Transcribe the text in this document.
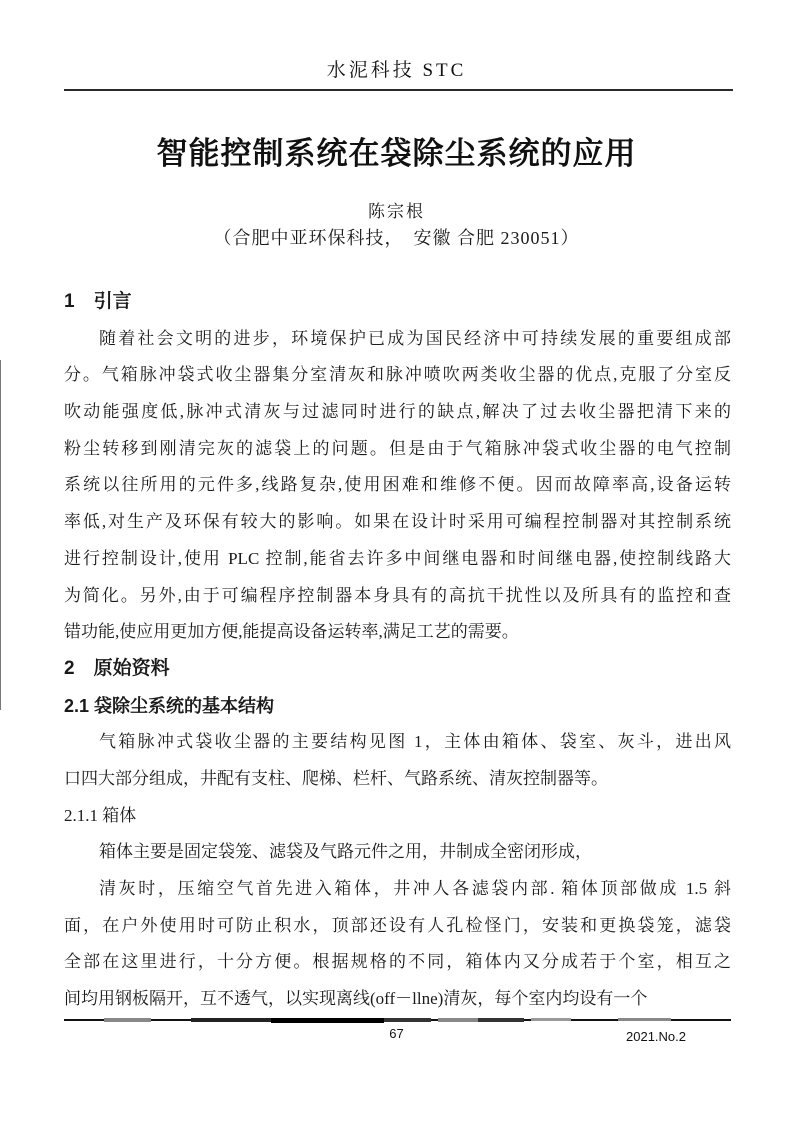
水泥科技 STC
智能控制系统在袋除尘系统的应用
陈宗根
（合肥中亚环保科技，　安徽 合肥 230051）
1　引言
随着社会文明的进步，环境保护已成为国民经济中可持续发展的重要组成部
分。气箱脉冲袋式收尘器集分室清灰和脉冲喷吹两类收尘器的优点,克服了分室反
吹动能强度低,脉冲式清灰与过滤同时进行的缺点,解决了过去收尘器把清下来的
粉尘转移到刚清完灰的滤袋上的问题。但是由于气箱脉冲袋式收尘器的电气控制
系统以往所用的元件多,线路复杂,使用困难和维修不便。因而故障率高,设备运转
率低,对生产及环保有较大的影响。如果在设计时采用可编程控制器对其控制系统
进行控制设计,使用 PLC 控制,能省去许多中间继电器和时间继电器,使控制线路大
为简化。另外,由于可编程序控制器本身具有的高抗干扰性以及所具有的监控和查
错功能,使应用更加方便,能提高设备运转率,满足工艺的需要。
2　原始资料
2.1 袋除尘系统的基本结构
气箱脉冲式袋收尘器的主要结构见图 1，主体由箱体、袋室、灰斗，进出风
口四大部分组成，井配有支柱、爬梯、栏杆、气路系统、清灰控制器等。
2.1.1 箱体
箱体主要是固定袋笼、滤袋及气路元件之用，井制成全密闭形成，
清灰时，压缩空气首先进入箱体，井冲人各滤袋内部. 箱体顶部做成 1.5 斜
面，在户外使用时可防止积水，顶部还设有人孔检怪门，安装和更换袋笼，滤袋
全部在这里进行，十分方便。根据规格的不同，箱体内又分成若于个室，相互之
间均用钢板隔开，互不透气，以实现离线(off－llne)清灰，每个室内均设有一个
67	2021.No.2
